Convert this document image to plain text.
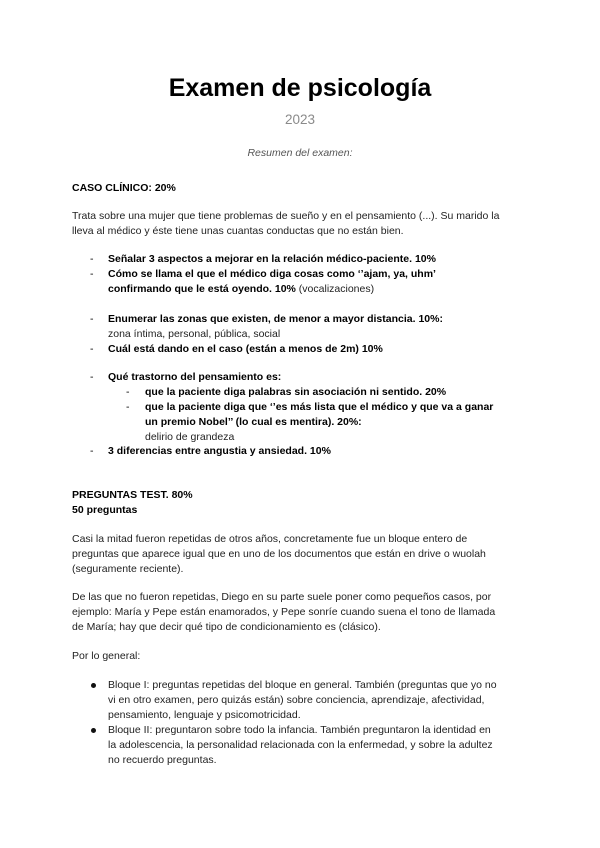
Examen de psicología
2023
Resumen del examen:
CASO CLÍNICO: 20%
Trata sobre una mujer que tiene problemas de sueño y en el pensamiento (...). Su marido la
lleva al médico y éste tiene unas cuantas conductas que no están bien.
- Señalar 3 aspectos a mejorar en la relación médico-paciente. 10%
- Cómo se llama el que el médico diga cosas como ‘’ajam, ya, uhm’
confirmando que le está oyendo. 10% (vocalizaciones)
- Enumerar las zonas que existen, de menor a mayor distancia. 10%:
zona íntima, personal, pública, social
- Cuál está dando en el caso (están a menos de 2m) 10%
- Qué trastorno del pensamiento es:
- que la paciente diga palabras sin asociación ni sentido. 20%
- que la paciente diga que ‘’es más lista que el médico y que va a ganar
un premio Nobel’’ (lo cual es mentira). 20%:
delirio de grandeza
- 3 diferencias entre angustia y ansiedad. 10%
PREGUNTAS TEST. 80%
50 preguntas
Casi la mitad fueron repetidas de otros años, concretamente fue un bloque entero de
preguntas que aparece igual que en uno de los documentos que están en drive o wuolah
(seguramente reciente).
De las que no fueron repetidas, Diego en su parte suele poner como pequeños casos, por
ejemplo: María y Pepe están enamorados, y Pepe sonríe cuando suena el tono de llamada
de María; hay que decir qué tipo de condicionamiento es (clásico).
Por lo general:
Bloque I: preguntas repetidas del bloque en general. También (preguntas que yo no
vi en otro examen, pero quizás están) sobre conciencia, aprendizaje, afectividad,
pensamiento, lenguaje y psicomotricidad.
Bloque II: preguntaron sobre todo la infancia. También preguntaron la identidad en
la adolescencia, la personalidad relacionada con la enfermedad, y sobre la adultez
no recuerdo preguntas.
